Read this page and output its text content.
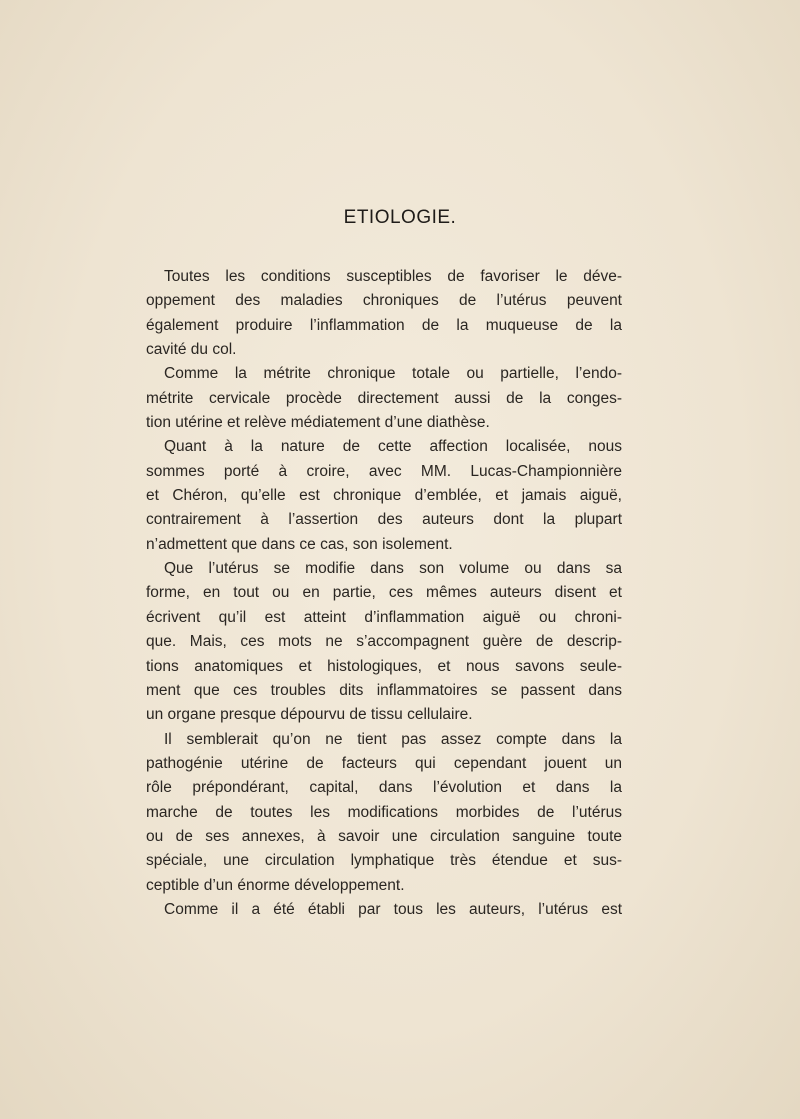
ETIOLOGIE.
Toutes les conditions susceptibles de favoriser le déve-
oppement des maladies chroniques de l’utérus peuvent
également produire l’inflammation de la muqueuse de la
cavité du col.
Comme la métrite chronique totale ou partielle, l’endo-
métrite cervicale procède directement aussi de la conges-
tion utérine et relève médiatement d’une diathèse.
Quant à la nature de cette affection localisée, nous
sommes porté à croire, avec MM. Lucas-Championnière
et Chéron, qu’elle est chronique d’emblée, et jamais aiguë,
contrairement à l’assertion des auteurs dont la plupart
n’admettent que dans ce cas, son isolement.
Que l’utérus se modifie dans son volume ou dans sa
forme, en tout ou en partie, ces mêmes auteurs disent et
écrivent qu’il est atteint d’inflammation aiguë ou chroni-
que. Mais, ces mots ne s’accompagnent guère de descrip-
tions anatomiques et histologiques, et nous savons seule-
ment que ces troubles dits inflammatoires se passent dans
un organe presque dépourvu de tissu cellulaire.
Il semblerait qu’on ne tient pas assez compte dans la
pathogénie utérine de facteurs qui cependant jouent un
rôle prépondérant, capital, dans l’évolution et dans la
marche de toutes les modifications morbides de l’utérus
ou de ses annexes, à savoir une circulation sanguine toute
spéciale, une circulation lymphatique très étendue et sus-
ceptible d’un énorme développement.
Comme il a été établi par tous les auteurs, l’utérus est
